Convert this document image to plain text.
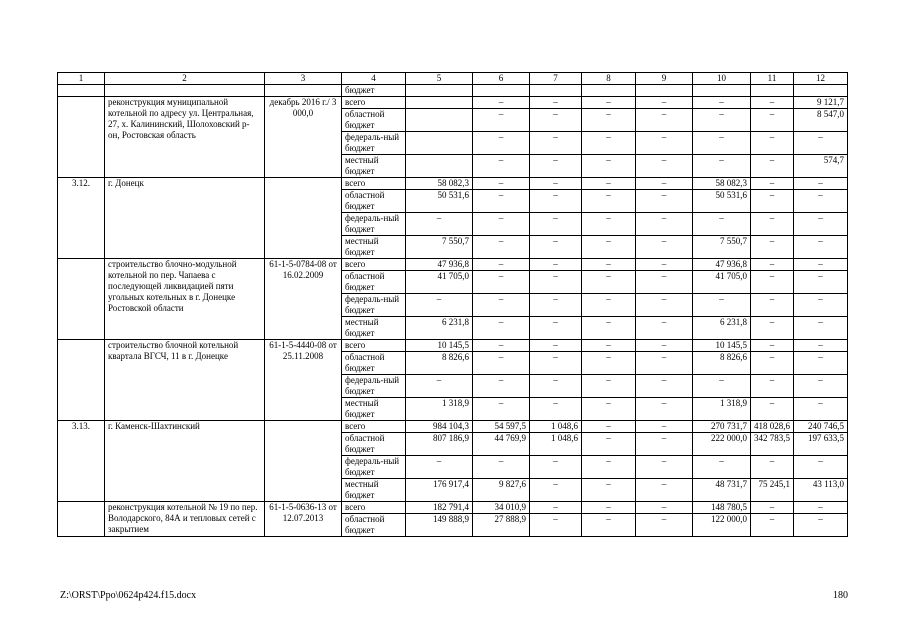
1	2	3	4	5	6	7	8	9	10	11	12
			бюджет								
	реконструкция муниципальной котельной по адресу ул. Центральная, 27, х. Калининский, Шолоховский р-он, Ростовская область	декабрь 2016 г./ 3 000,0	всего		–	–	–	–	–	–	9 121,7
			областной бюджет		–	–	–	–	–	–	8 547,0
			федераль-ный бюджет		–	–	–	–	–	–	–
			местный бюджет		–	–	–	–	–	–	574,7
3.12.	г. Донецк		всего	58 082,3	–	–	–	–	58 082,3	–	–
			областной бюджет	50 531,6	–	–	–	–	50 531,6	–	–
			федераль-ный бюджет	–	–	–	–	–	–	–	–
			местный бюджет	7 550,7	–	–	–	–	7 550,7	–	–
	строительство блочно-модульной котельной по пер. Чапаева с последующей ликвидацией пяти угольных котельных в г. Донецке Ростовской области	61-1-5-0784-08 от 16.02.2009	всего	47 936,8	–	–	–	–	47 936,8	–	–
			областной бюджет	41 705,0	–	–	–	–	41 705,0	–	–
			федераль-ный бюджет	–	–	–	–	–	–	–	–
			местный бюджет	6 231,8	–	–	–	–	6 231,8	–	–
	строительство блочной котельной квартала ВГСЧ, 11 в г. Донецке	61-1-5-4440-08 от 25.11.2008	всего	10 145,5	–	–	–	–	10 145,5	–	–
			областной бюджет	8 826,6	–	–	–	–	8 826,6	–	–
			федераль-ный бюджет	–	–	–	–	–	–	–	–
			местный бюджет	1 318,9	–	–	–	–	1 318,9	–	–
3.13.	г. Каменск-Шахтинский		всего	984 104,3	54 597,5	1 048,6	–	–	270 731,7	418 028,6	240 746,5
			областной бюджет	807 186,9	44 769,9	1 048,6	–	–	222 000,0	342 783,5	197 633,5
			федераль-ный бюджет	–	–	–	–	–	–	–	–
			местный бюджет	176 917,4	9 827,6	–	–	–	48 731,7	75 245,1	43 113,0
	реконструкция котельной № 19 по пер. Володарского, 84А и тепловых сетей с закрытием	61-1-5-0636-13 от 12.07.2013	всего	182 791,4	34 010,9	–	–	–	148 780,5	–	–
			областной бюджет	149 888,9	27 888,9	–	–	–	122 000,0	–	–
Z:\ORST\Ppo\0624p424.f15.docx	180
